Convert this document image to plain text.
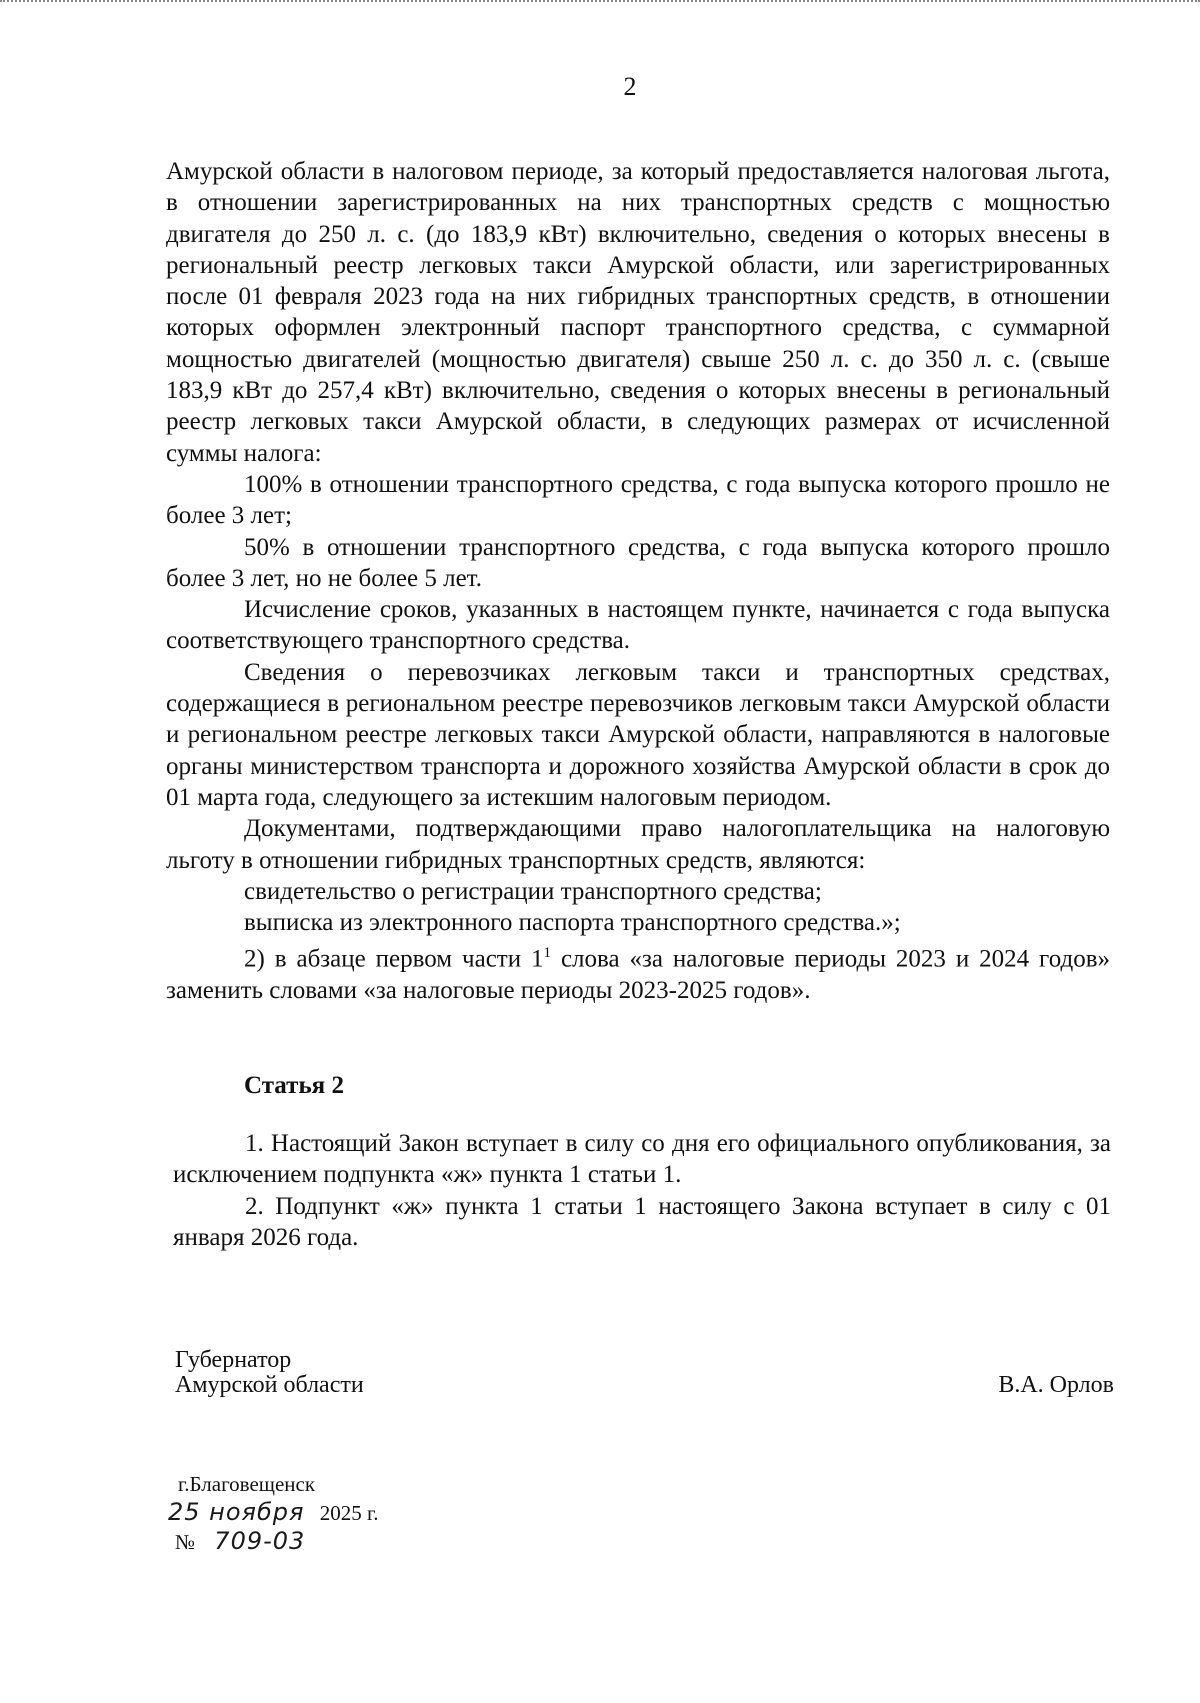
2

Амурской области в налоговом периоде, за который предоставляется налоговая льгота, в отношении зарегистрированных на них транспортных средств с мощностью двигателя до 250 л. с. (до 183,9 кВт) включительно, сведения о которых внесены в региональный реестр легковых такси Амурской области, или зарегистрированных после 01 февраля 2023 года на них гибридных транспортных средств, в отношении которых оформлен электронный паспорт транспортного средства, с суммарной мощностью двигателей (мощностью двигателя) свыше 250 л. с. до 350 л. с. (свыше 183,9 кВт до 257,4 кВт) включительно, сведения о которых внесены в региональный реестр легковых такси Амурской области, в следующих размерах от исчисленной суммы налога:

100% в отношении транспортного средства, с года выпуска которого прошло не более 3 лет;

50% в отношении транспортного средства, с года выпуска которого прошло более 3 лет, но не более 5 лет.

Исчисление сроков, указанных в настоящем пункте, начинается с года выпуска соответствующего транспортного средства.

Сведения о перевозчиках легковым такси и транспортных средствах, содержащиеся в региональном реестре перевозчиков легковым такси Амурской области и региональном реестре легковых такси Амурской области, направляются в налоговые органы министерством транспорта и дорожного хозяйства Амурской области в срок до 01 марта года, следующего за истекшим налоговым периодом.

Документами, подтверждающими право налогоплательщика на налоговую льготу в отношении гибридных транспортных средств, являются:

свидетельство о регистрации транспортного средства;

выписка из электронного паспорта транспортного средства.»;

2) в абзаце первом части $1^1$ слова «за налоговые периоды 2023 и 2024 годов» заменить словами «за налоговые периоды 2023-2025 годов».

Статья 2

1. Настоящий Закон вступает в силу со дня его официального опубликования, за исключением подпункта «ж» пункта 1 статьи 1.

2. Подпункт «ж» пункта 1 статьи 1 настоящего Закона вступает в силу с 01 января 2026 года.

Губернатор
Амурской области	В.А. Орлов
г.Благовещенск
25 ноября 2025 г.
№ 709-03
